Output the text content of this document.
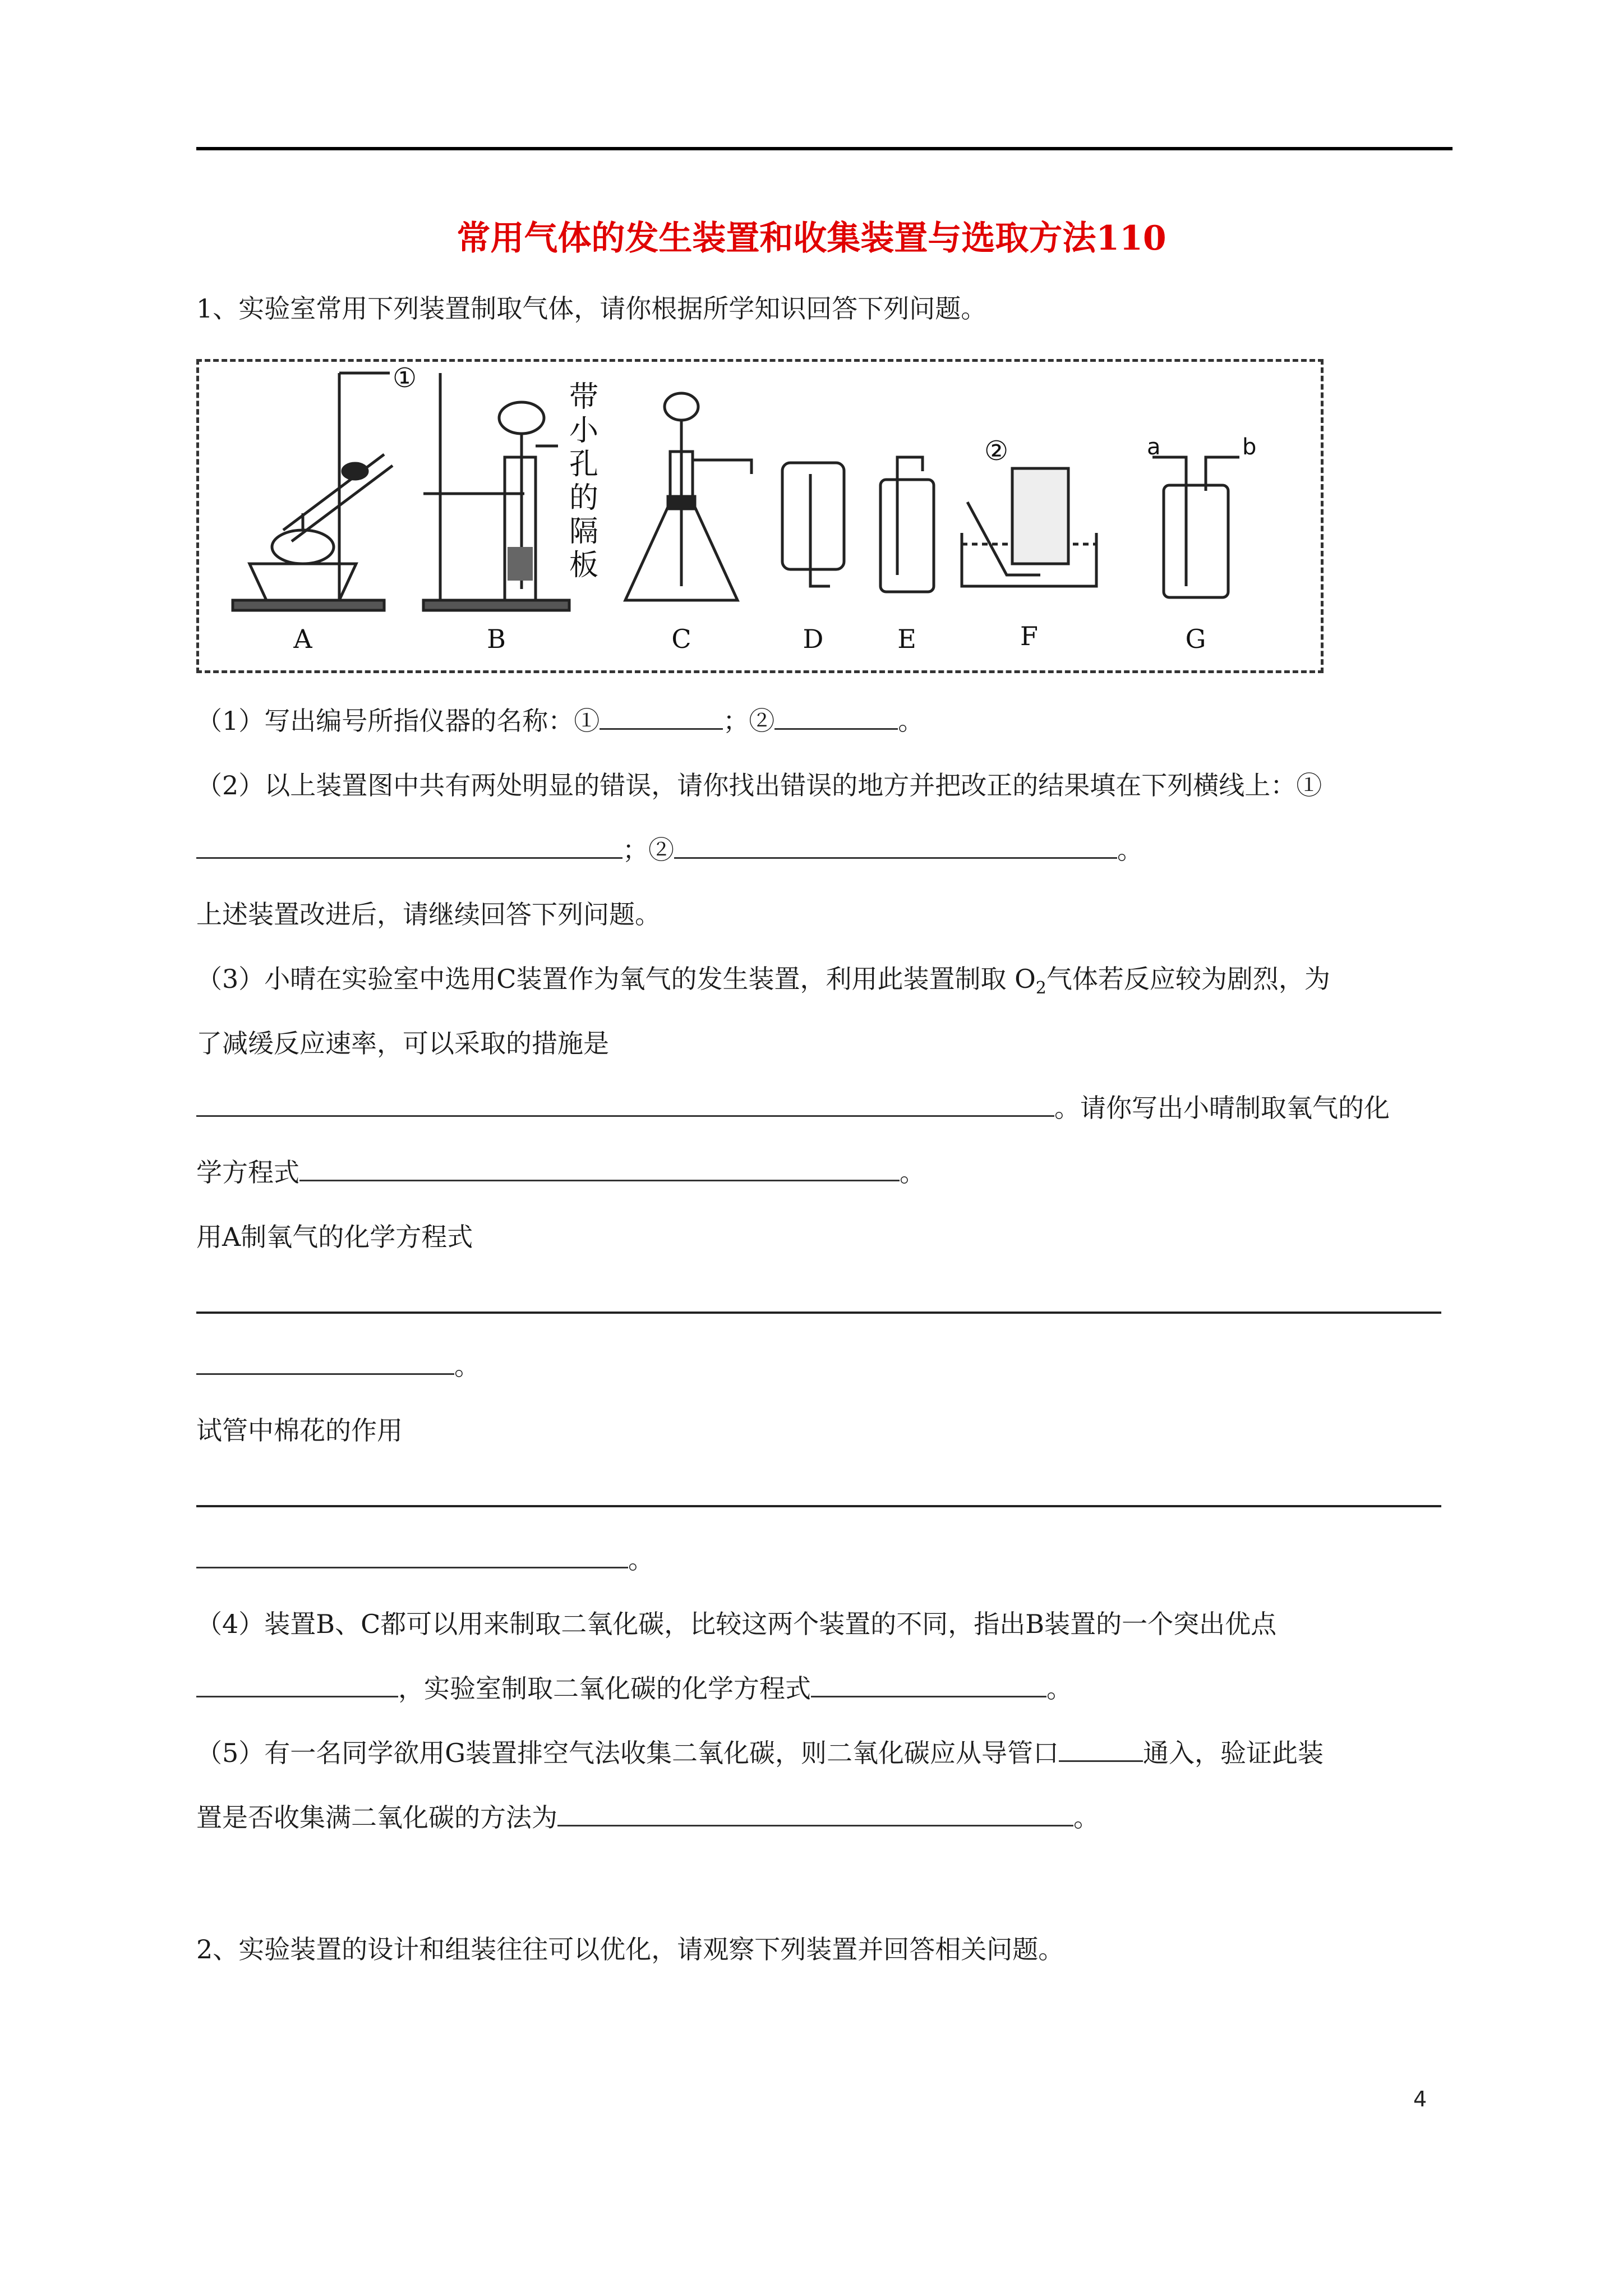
常用气体的发生装置和收集装置与选取方法110
1、实验室常用下列装置制取气体，请你根据所学知识回答下列问题。
①
带
小
孔
的
隔
板
②	a	b
A	B	C	D	E	F	G
（1）写出编号所指仪器的名称：①	；②	。
（2）以上装置图中共有两处明显的错误，请你找出错误的地方并把改正的结果填在下列横线上：①
；②	。
上述装置改进后，请继续回答下列问题。
（3）小晴在实验室中选用C装置作为氧气的发生装置，利用此装置制取 $O_2$气体若反应较为剧烈，为
了减缓反应速率，可以采取的措施是
。请你写出小晴制取氧气的化
学方程式	。
用A制氧气的化学方程式
。
试管中棉花的作用
。
（4）装置B、C都可以用来制取二氧化碳，比较这两个装置的不同，指出B装置的一个突出优点
，实验室制取二氧化碳的化学方程式	。
（5）有一名同学欲用G装置排空气法收集二氧化碳，则二氧化碳应从导管口	通入，验证此装
置是否收集满二氧化碳的方法为	。
2、实验装置的设计和组装往往可以优化，请观察下列装置并回答相关问题。
4
